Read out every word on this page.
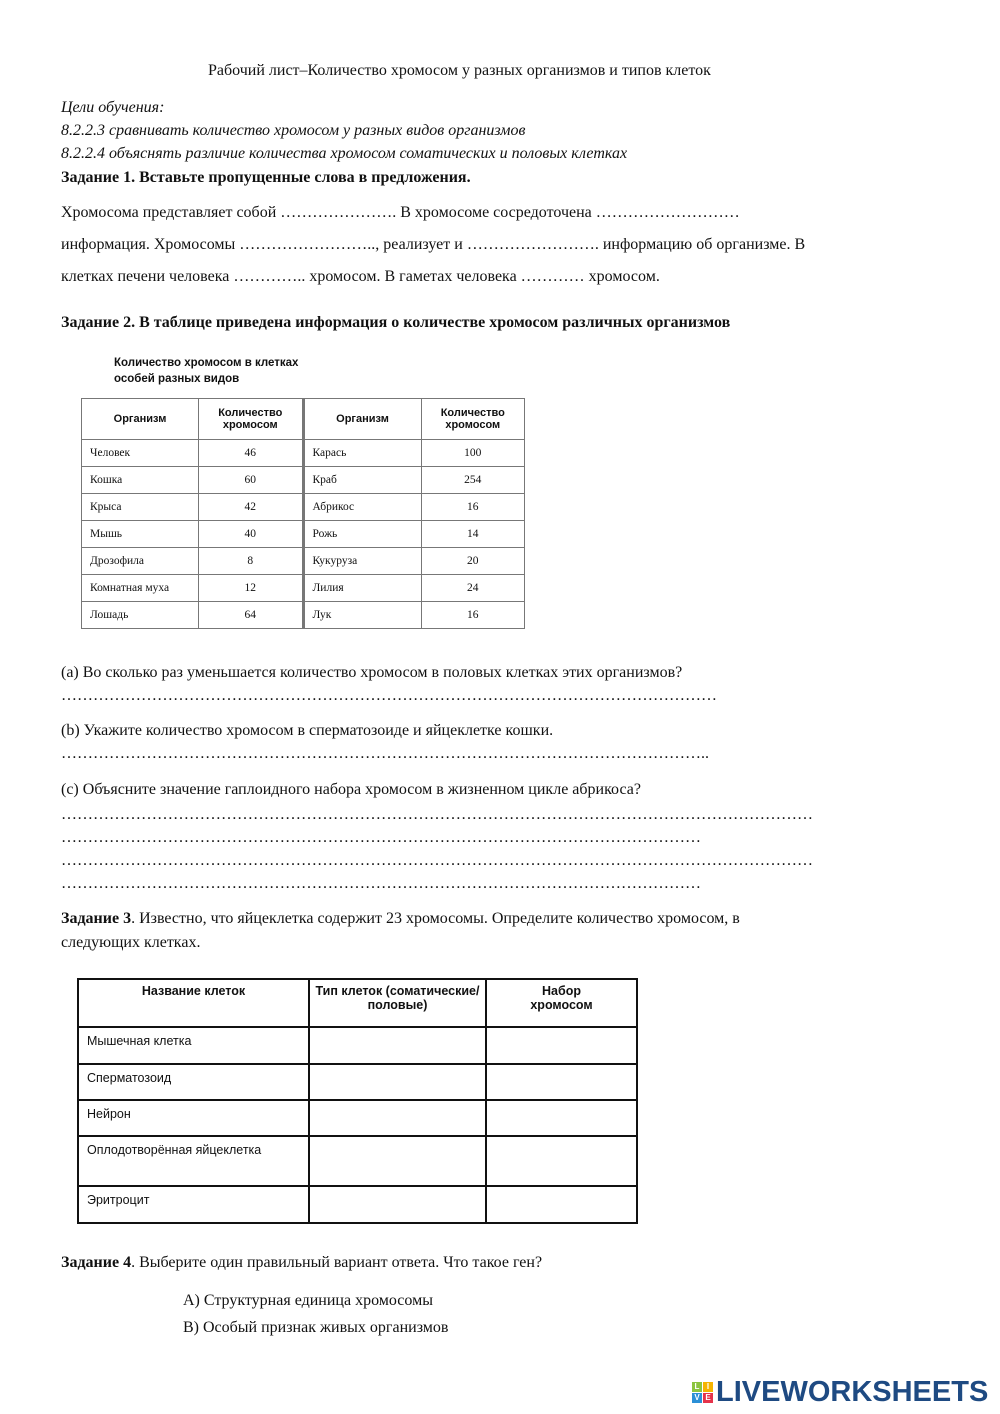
Рабочий лист–Количество хромосом у разных организмов и типов клеток
Цели обучения:
8.2.2.3 сравнивать количество хромосом у разных видов организмов
8.2.2.4 объяснять различие количества хромосом соматических и половых клетках
Задание 1. Вставьте пропущенные слова в предложения.
Хромосома представляет собой …………………. В хромосоме сосредоточена ………………………
информация. Хромосомы …………………….., реализует и ……………………. информацию об организме. В
клетках печени человека ………….. хромосом. В гаметах человека ………… хромосом.
Задание 2. В таблице приведена информация о количестве хромосом различных организмов
Количество хромосом в клетках
особей разных видов
Организм	Количество хромосом	Организм	Количество хромосом
Человек	46	Карась	100
Кошка	60	Краб	254
Крыса	42	Абрикос	16
Мышь	40	Рожь	14
Дрозофила	8	Кукуруза	20
Комнатная муха	12	Лилия	24
Лошадь	64	Лук	16
(a) Во сколько раз уменьшается количество хромосом в половых клетках этих организмов?
……………………………………………………………………………………………………………
(b) Укажите количество хромосом в сперматозоиде и яйцеклетке кошки.
…………………………………………………………………………………………………………..
(c) Объясните значение гаплоидного набора хромосом в жизненном цикле абрикоса?
……………………………………………………………………………………………………………………………
…………………………………………………………………………………………………………
……………………………………………………………………………………………………………………………
…………………………………………………………………………………………………………
Задание 3. Известно, что яйцеклетка содержит 23 хромосомы. Определите количество хромосом, в
следующих клетках.
Название клеток	Тип клеток (соматические/половые)	Набор хромосом
Мышечная клетка		
Сперматозоид		
Нейрон		
Оплодотворённая яйцеклетка		
Эритроцит		
Задание 4. Выберите один правильный вариант ответа. Что такое ген?
A) Структурная единица хромосомы
B) Особый признак живых организмов
L I
V E LIVEWORKSHEETS
